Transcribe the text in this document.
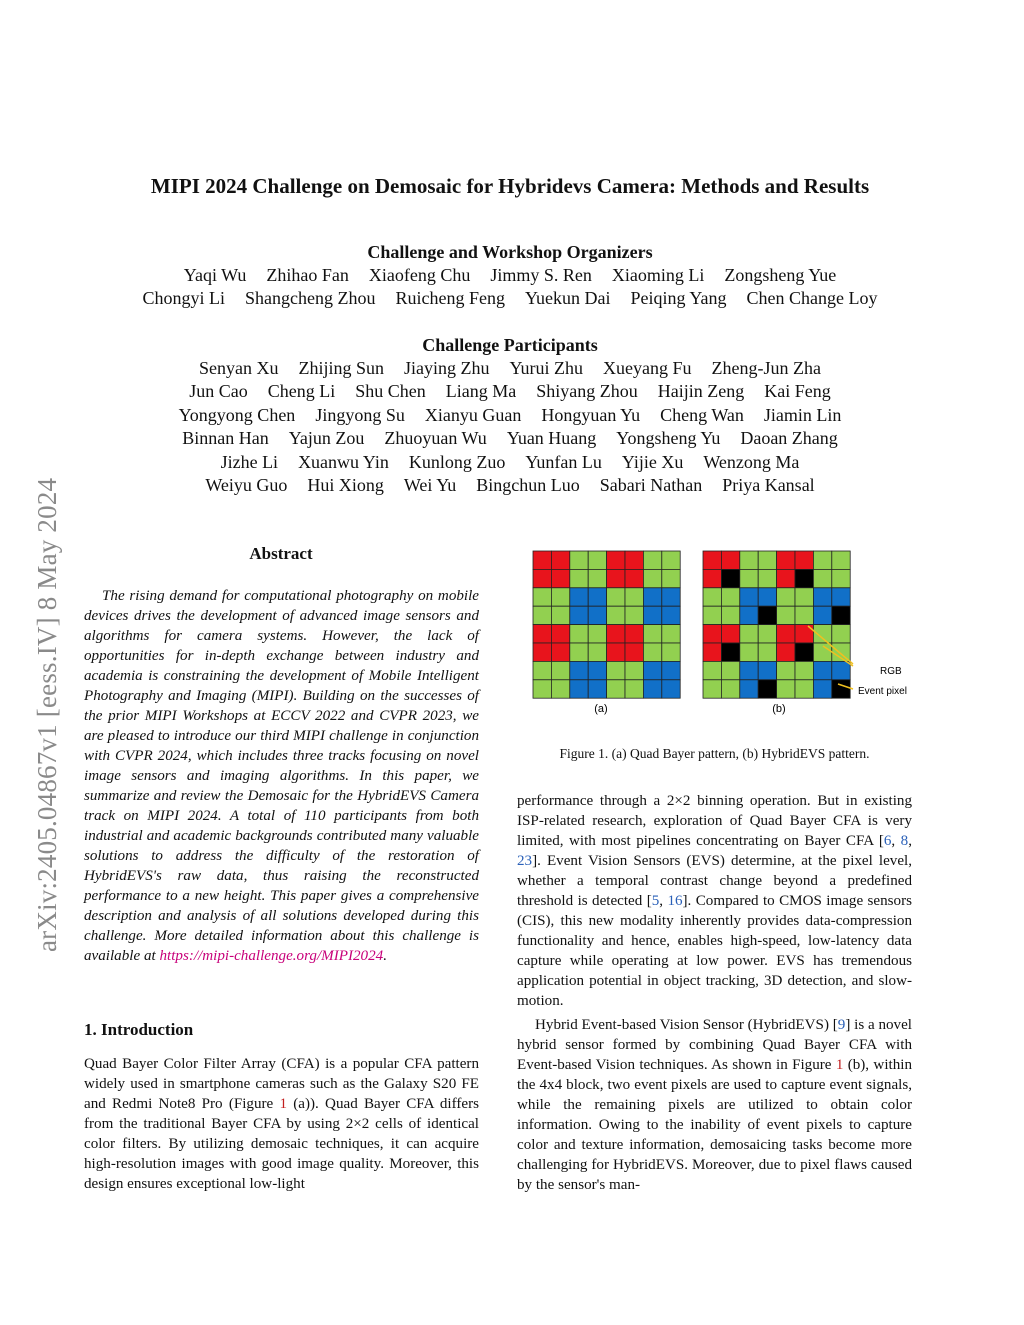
arXiv:2405.04867v1 [eess.IV] 8 May 2024
MIPI 2024 Challenge on Demosaic for Hybridevs Camera: Methods and Results
Challenge and Workshop Organizers
Yaqi Wu Zhihao Fan Xiaofeng Chu Jimmy S. Ren Xiaoming Li Zongsheng Yue
Chongyi Li Shangcheng Zhou Ruicheng Feng Yuekun Dai Peiqing Yang Chen Change Loy
Challenge Participants
Senyan Xu Zhijing Sun Jiaying Zhu Yurui Zhu Xueyang Fu Zheng-Jun Zha
Jun Cao Cheng Li Shu Chen Liang Ma Shiyang Zhou Haijin Zeng Kai Feng
Yongyong Chen Jingyong Su Xianyu Guan Hongyuan Yu Cheng Wan Jiamin Lin
Binnan Han Yajun Zou Zhuoyuan Wu Yuan Huang Yongsheng Yu Daoan Zhang
Jizhe Li Xuanwu Yin Kunlong Zuo Yunfan Lu Yijie Xu Wenzong Ma
Weiyu Guo Hui Xiong Wei Yu Bingchun Luo Sabari Nathan Priya Kansal
Abstract
The rising demand for computational photography on mobile devices drives the development of advanced image sensors and algorithms for camera systems. However, the lack of opportunities for in-depth exchange between industry and academia is constraining the development of Mobile Intelligent Photography and Imaging (MIPI). Building on the successes of the prior MIPI Workshops at ECCV 2022 and CVPR 2023, we are pleased to introduce our third MIPI challenge in conjunction with CVPR 2024, which includes three tracks focusing on novel image sensors and imaging algorithms. In this paper, we summarize and review the Demosaic for the HybridEVS Camera track on MIPI 2024. A total of 110 participants from both industrial and academic backgrounds contributed many valuable solutions to address the difficulty of the restoration of HybridEVS's raw data, thus raising the reconstructed performance to a new height. This paper gives a comprehensive description and analysis of all solutions developed during this challenge. More detailed information about this challenge is available at https://mipi-challenge.org/MIPI2024.
1. Introduction
Quad Bayer Color Filter Array (CFA) is a popular CFA pattern widely used in smartphone cameras such as the Galaxy S20 FE and Redmi Note8 Pro (Figure 1 (a)). Quad Bayer CFA differs from the traditional Bayer CFA by using 2×2 cells of identical color filters. By utilizing demosaic techniques, it can acquire high-resolution images with good image quality. Moreover, this design ensures exceptional low-light
RGB
Event pixel
(a)	(b)
Figure 1. (a) Quad Bayer pattern, (b) HybridEVS pattern.

performance through a 2×2 binning operation. But in existing ISP-related research, exploration of Quad Bayer CFA is very limited, with most pipelines concentrating on Bayer CFA [6, 8, 23]. Event Vision Sensors (EVS) determine, at the pixel level, whether a temporal contrast change beyond a predefined threshold is detected [5, 16]. Compared to CMOS image sensors (CIS), this new modality inherently provides data-compression functionality and hence, enables high-speed, low-latency data capture while operating at low power. EVS has tremendous application potential in object tracking, 3D detection, and slow-motion.

Hybrid Event-based Vision Sensor (HybridEVS) [9] is a novel hybrid sensor formed by combining Quad Bayer CFA with Event-based Vision techniques. As shown in Figure 1 (b), within the 4x4 block, two event pixels are used to capture event signals, while the remaining pixels are utilized to obtain color information. Owing to the inability of event pixels to capture color and texture information, demosaicing tasks become more challenging for HybridEVS. Moreover, due to pixel flaws caused by the sensor's man-
